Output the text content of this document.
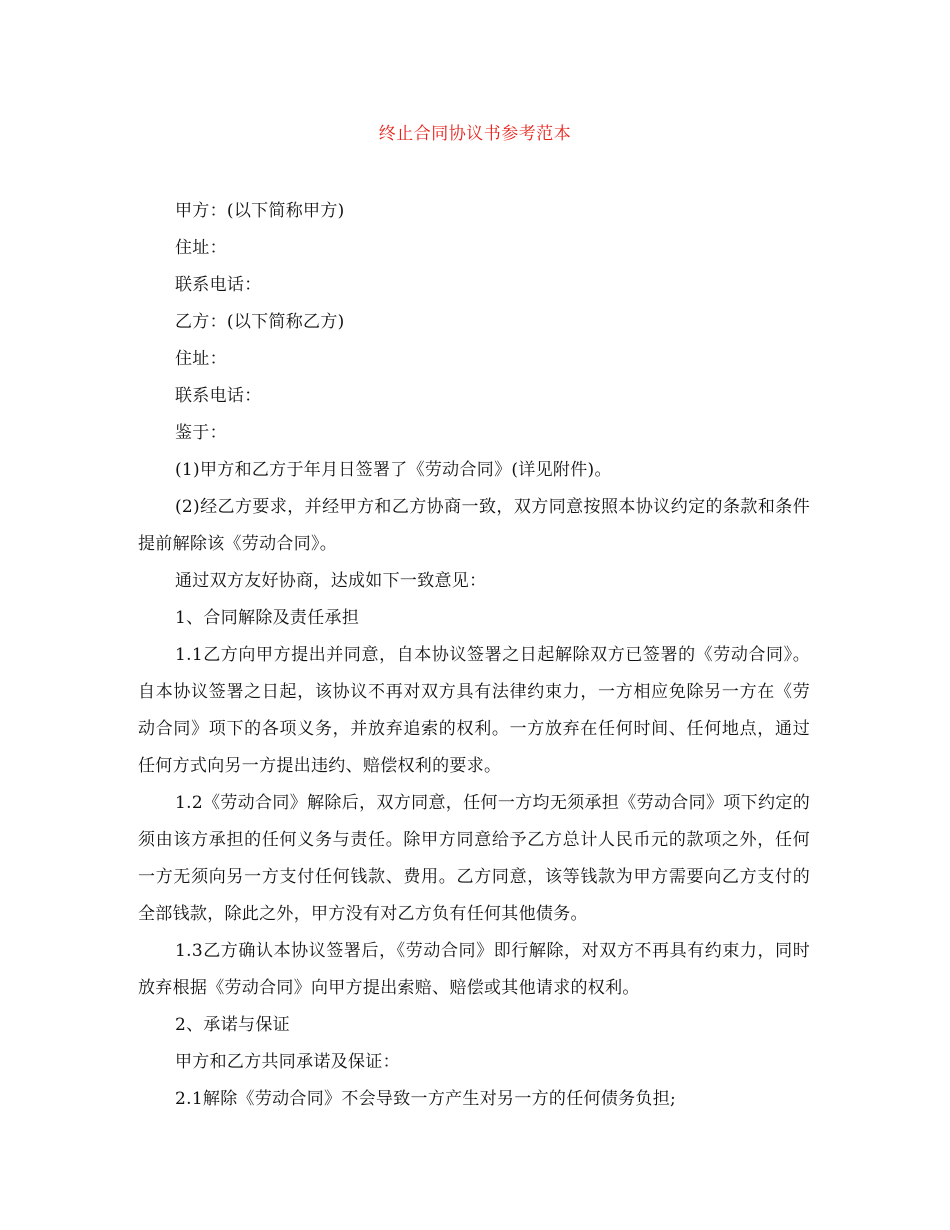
终止合同协议书参考范本

甲方：(以下简称甲方)

住址：

联系电话：

乙方：(以下简称乙方)

住址：

联系电话：

鉴于：

(1)甲方和乙方于年月日签署了《劳动合同》(详见附件)。

(2)经乙方要求，并经甲方和乙方协商一致，双方同意按照本协议约定的条款和条件提前解除该《劳动合同》。

通过双方友好协商，达成如下一致意见：

1、合同解除及责任承担

1.1乙方向甲方提出并同意，自本协议签署之日起解除双方已签署的《劳动合同》。自本协议签署之日起，该协议不再对双方具有法律约束力，一方相应免除另一方在《劳动合同》项下的各项义务，并放弃追索的权利。一方放弃在任何时间、任何地点，通过任何方式向另一方提出违约、赔偿权利的要求。

1.2《劳动合同》解除后，双方同意，任何一方均无须承担《劳动合同》项下约定的须由该方承担的任何义务与责任。除甲方同意给予乙方总计人民币元的款项之外，任何一方无须向另一方支付任何钱款、费用。乙方同意，该等钱款为甲方需要向乙方支付的全部钱款，除此之外，甲方没有对乙方负有任何其他债务。

1.3乙方确认本协议签署后，《劳动合同》即行解除，对双方不再具有约束力，同时放弃根据《劳动合同》向甲方提出索赔、赔偿或其他请求的权利。

2、承诺与保证

甲方和乙方共同承诺及保证：

2.1解除《劳动合同》不会导致一方产生对另一方的任何债务负担;
